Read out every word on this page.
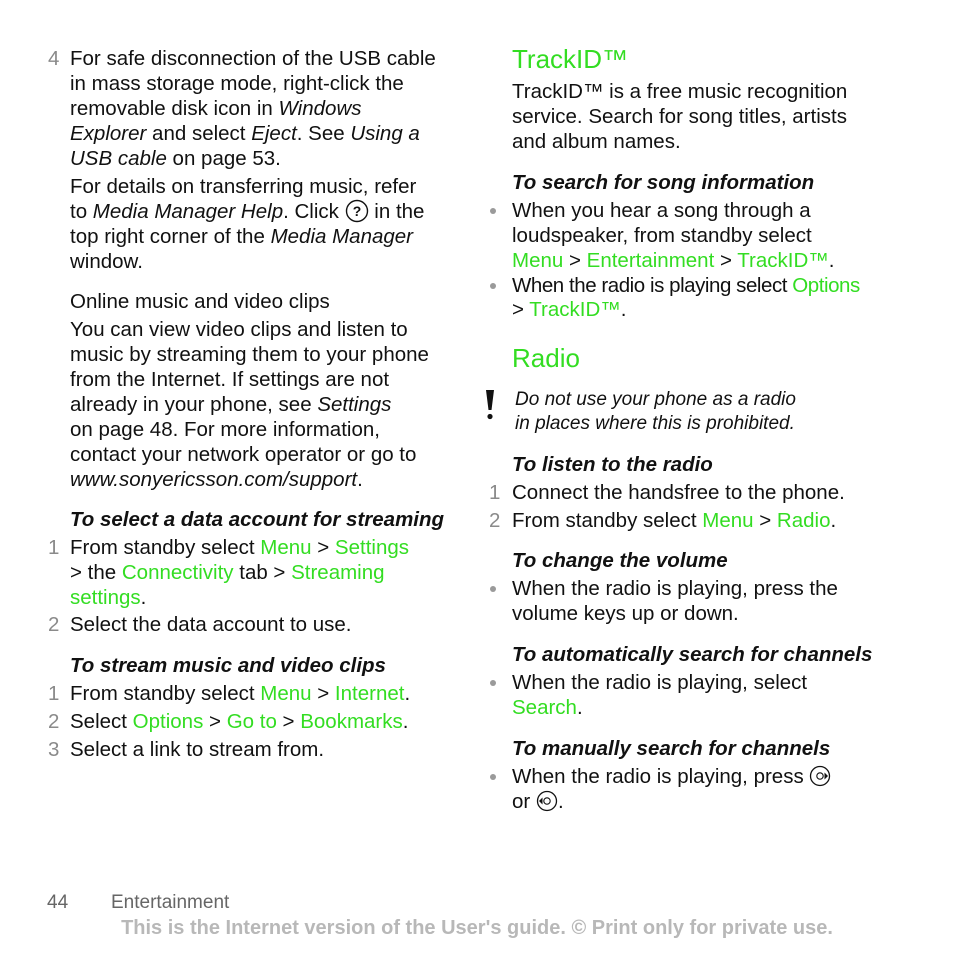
4 For safe disconnection of the USB cable
in mass storage mode, right-click the
removable disk icon in Windows
Explorer and select Eject. See Using a
USB cable on page 53.
For details on transferring music, refer
to Media Manager Help. Click ? in the
top right corner of the Media Manager
window.
Online music and video clips
You can view video clips and listen to
music by streaming them to your phone
from the Internet. If settings are not
already in your phone, see Settings
on page 48. For more information,
contact your network operator or go to
www.sonyericsson.com/support.
To select a data account for streaming
1 From standby select Menu > Settings
> the Connectivity tab > Streaming
settings.
2 Select the data account to use.
To stream music and video clips
1 From standby select Menu > Internet.
2 Select Options > Go to > Bookmarks.
3 Select a link to stream from.
TrackID™
TrackID™ is a free music recognition
service. Search for song titles, artists
and album names.
To search for song information
When you hear a song through a
loudspeaker, from standby select
Menu > Entertainment > TrackID™.
When the radio is playing select Options
> TrackID™.
Radio
Do not use your phone as a radio
in places where this is prohibited.
To listen to the radio
1 Connect the handsfree to the phone.
2 From standby select Menu > Radio.
To change the volume
When the radio is playing, press the
volume keys up or down.
To automatically search for channels
When the radio is playing, select
Search.
To manually search for channels
When the radio is playing, press
or .
44 Entertainment
This is the Internet version of the User's guide. © Print only for private use.
